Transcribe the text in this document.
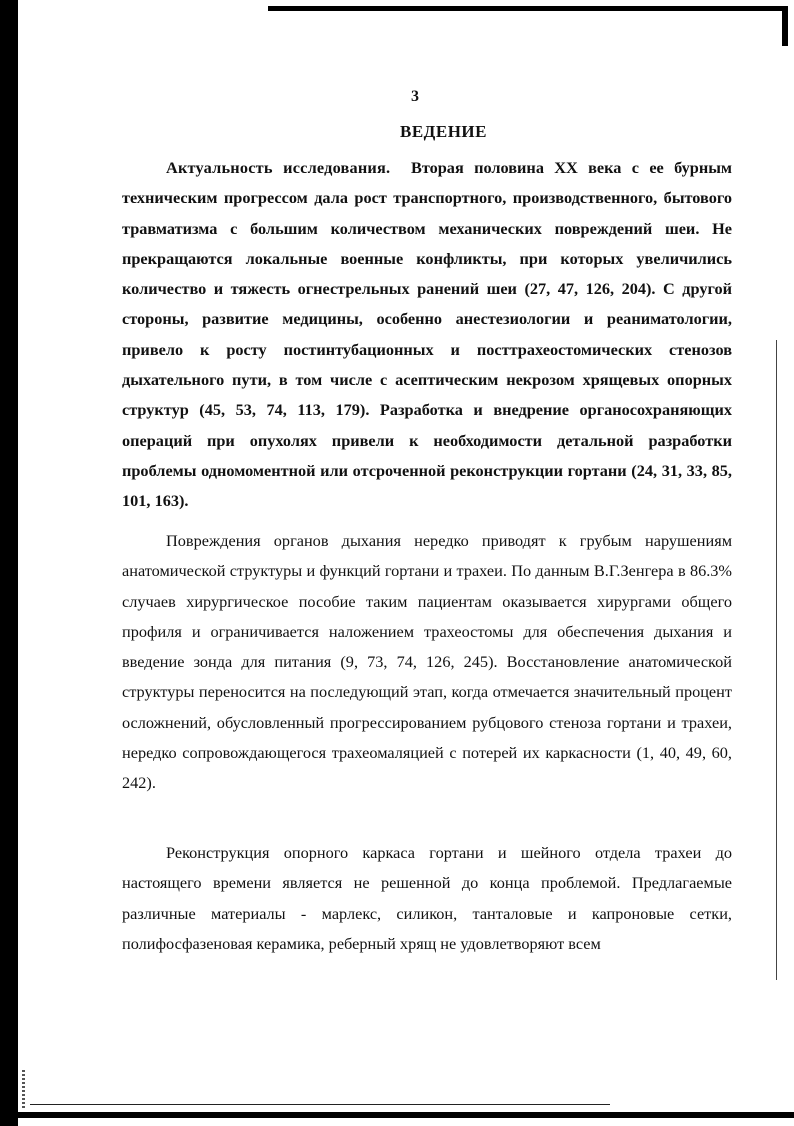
3
ВЕДЕНИЕ
Актуальность исследования. Вторая половина XX века с ее бурным техническим прогрессом дала рост транспортного, производственного, бытового травматизма с большим количеством механических повреждений шеи. Не прекращаются локальные военные конфликты, при которых увеличились количество и тяжесть огнестрельных ранений шеи (27, 47, 126, 204). С другой стороны, развитие медицины, особенно анестезиологии и реаниматологии, привело к росту постинтубационных и посттрахеостомических стенозов дыхательного пути, в том числе с асептическим некрозом хрящевых опорных структур (45, 53, 74, 113, 179). Разработка и внедрение органосохраняющих операций при опухолях привели к необходимости детальной разработки проблемы одномоментной или отсроченной реконструкции гортани (24, 31, 33, 85, 101, 163).
Повреждения органов дыхания нередко приводят к грубым нарушениям анатомической структуры и функций гортани и трахеи. По данным В.Г.Зенгера в 86.3% случаев хирургическое пособие таким пациентам оказывается хирургами общего профиля и ограничивается наложением трахеостомы для обеспечения дыхания и введение зонда для питания (9, 73, 74, 126, 245). Восстановление анатомической структуры переносится на последующий этап, когда отмечается значительный процент осложнений, обусловленный прогрессированием рубцового стеноза гортани и трахеи, нередко сопровождающегося трахеомаляцией с потерей их каркасности (1, 40, 49, 60, 242).
Реконструкция опорного каркаса гортани и шейного отдела трахеи до настоящего времени является не решенной до конца проблемой. Предлагаемые различные материалы - марлекс, силикон, танталовые и капроновые сетки, полифосфазеновая керамика, реберный хрящ не удовлетворяют всем
